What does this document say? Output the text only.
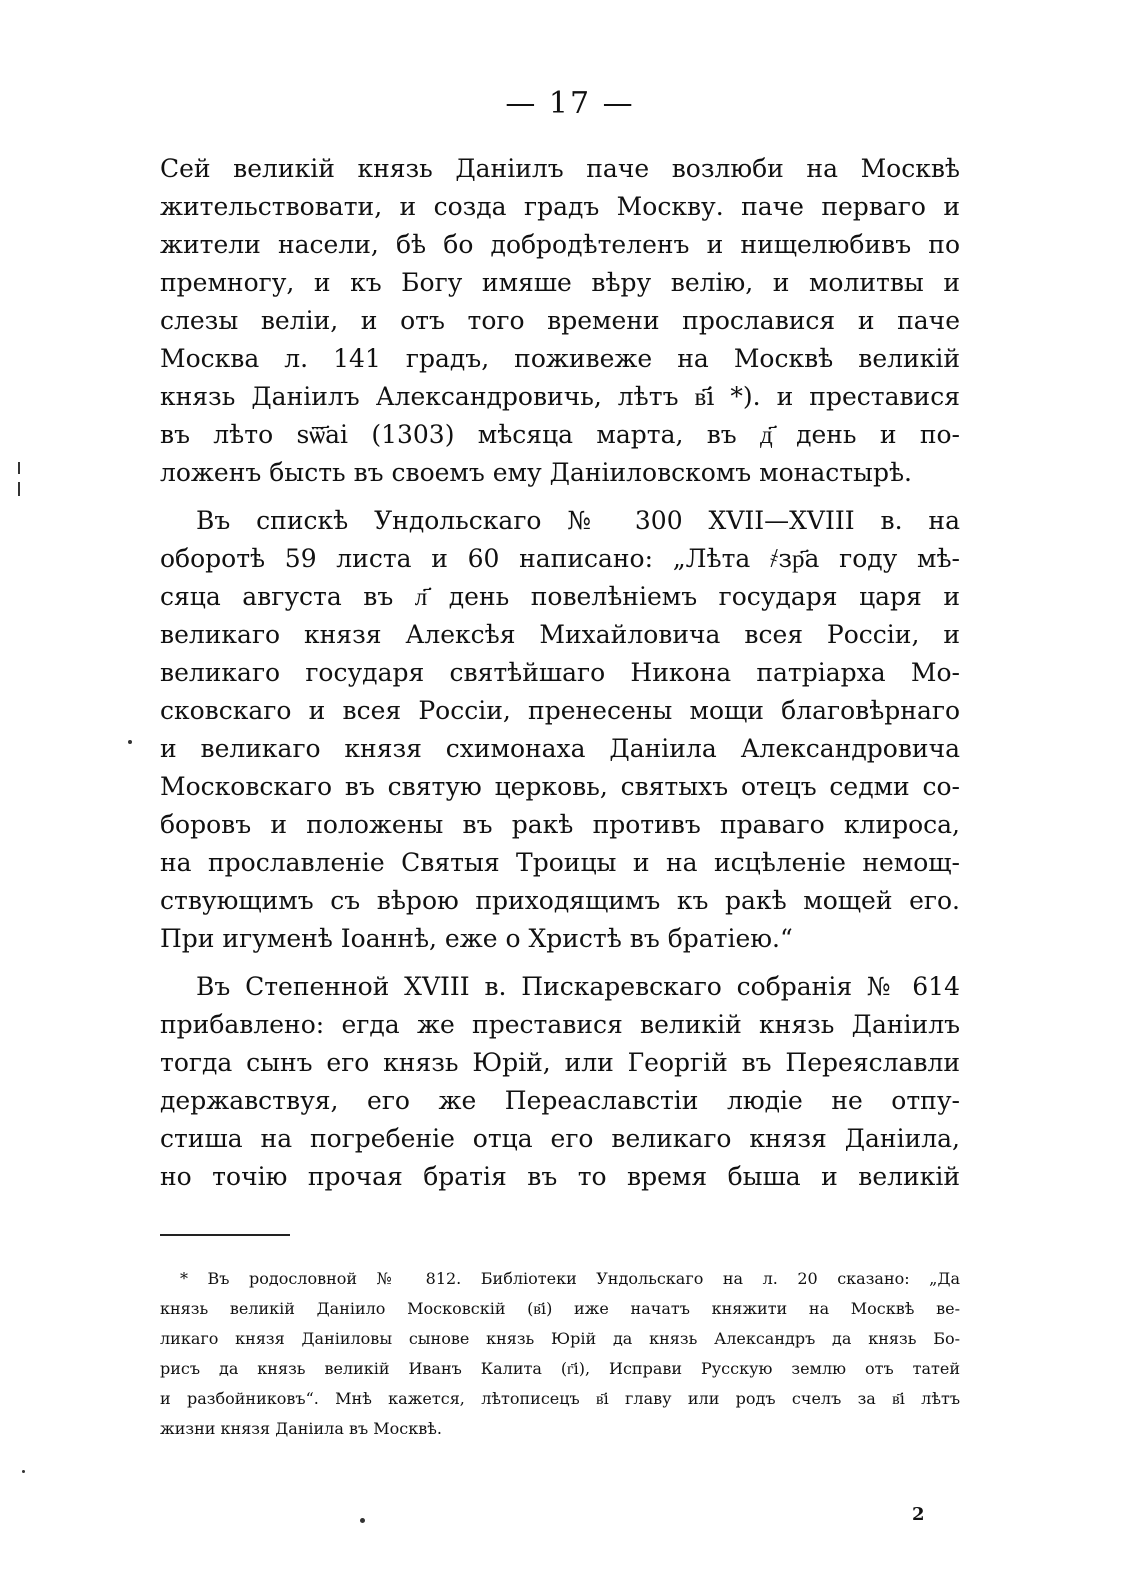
— 17 —
Сей великій князь Даніилъ паче возлюби на Москвѣ
жительствовати, и созда градъ Москву. паче перваго и
жители насели, бѣ бо добродѣтеленъ и нищелюбивъ по
премногу, и къ Богу имяше вѣру велію, и молитвы и
слезы веліи, и отъ того времени прославися и паче
Москва л. 141 градъ, поживеже на Москвѣ великій
князь Даніилъ Александровичь, лѣтъ в҃і *). и преставися
въ лѣто ѕѿ҃аі (1303) мѣсяца марта, въ д҃ день и по-
ложенъ бысть въ своемъ ему Даніиловскомъ монастырѣ.
Въ спискѣ Ундольскаго № 300 XVII—XVIII в. на
оборотѣ 59 листа и 60 написано: „Лѣта ҂зр҃а году мѣ-
сяца августа въ л҃ день повелѣніемъ государя царя и
великаго князя Алексѣя Михайловича всея Россіи, и
великаго государя святѣйшаго Никона патріарха Мо-
сковскаго и всея Россіи, пренесены мощи благовѣрнаго
и великаго князя схимонаха Даніила Александровича
Московскаго въ святую церковь, святыхъ отецъ седми со-
боровъ и положены въ ракѣ противъ праваго клироса,
на прославленіе Святыя Троицы и на исцѣленіе немощ-
ствующимъ съ вѣрою приходящимъ къ ракѣ мощей его.
При игуменѣ Іоаннѣ, еже о Христѣ въ братіею.“
Въ Степенной XVIII в. Пискаревскаго собранія № 614
прибавлено: егда же преставися великій князь Даніилъ
тогда сынъ его князь Юрій, или Георгій въ Переяславли
державствуя, его же Переаславстіи людіе не отпу-
стиша на погребеніе отца его великаго князя Даніила,
но точію прочая братія въ то время быша и великій
* Въ родословной № 812. Библіотеки Ундольскаго на л. 20 сказано: „Да
князь великій Даніило Московскій (в҃і) иже начатъ княжити на Москвѣ ве-
ликаго князя Даніиловы сынове князь Юрій да князь Александръ да князь Бо-
рисъ да князь великій Иванъ Калита (г҃і), Исправи Русскую землю отъ татей
и разбойниковъ“. Мнѣ кажется, лѣтописецъ в҃і главу или родъ счелъ за в҃і лѣтъ
жизни князя Даніила въ Москвѣ.
2
